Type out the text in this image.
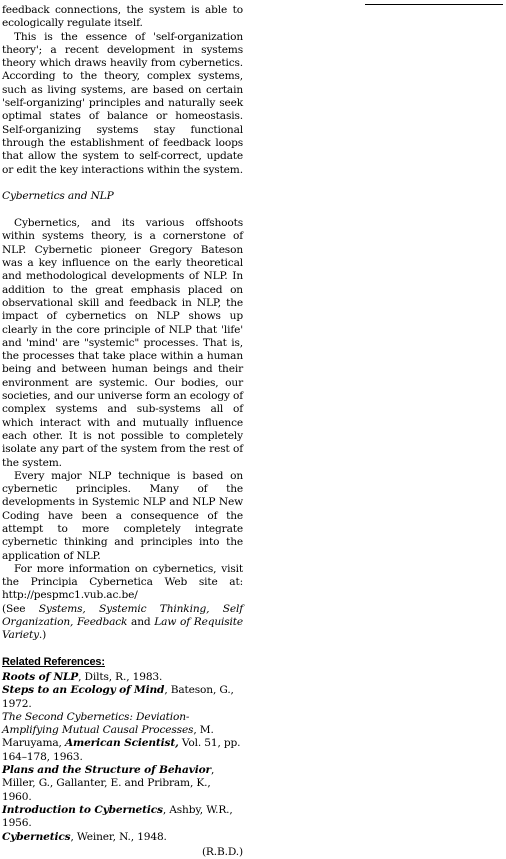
feedback connections, the system is able to ecologically regulate itself.

This is the essence of 'self-organization theory'; a recent development in systems theory which draws heavily from cybernetics. According to the theory, complex systems, such as living systems, are based on certain 'self-organizing' principles and naturally seek optimal states of balance or homeostasis. Self-organizing systems stay functional through the establishment of feedback loops that allow the system to self-correct, update or edit the key interactions within the system.

Cybernetics and NLP

Cybernetics, and its various offshoots within systems theory, is a cornerstone of NLP. Cybernetic pioneer Gregory Bateson was a key influence on the early theoretical and methodological developments of NLP. In addition to the great emphasis placed on observational skill and feedback in NLP, the impact of cybernetics on NLP shows up clearly in the core principle of NLP that 'life' and 'mind' are "systemic" processes. That is, the processes that take place within a human being and between human beings and their environment are systemic. Our bodies, our societies, and our universe form an ecology of complex systems and sub-systems all of which interact with and mutually influence each other. It is not possible to completely isolate any part of the system from the rest of the system.

Every major NLP technique is based on cybernetic principles. Many of the developments in Systemic NLP and NLP New Coding have been a consequence of the attempt to more completely integrate cybernetic thinking and principles into the application of NLP.

For more information on cybernetics, visit the Principia Cybernetica Web site at: http://pespmc1.vub.ac.be/

(See Systems, Systemic Thinking, Self Organization, Feedback and Law of Requisite Variety.)

Related References:

Roots of NLP, Dilts, R., 1983.

Steps to an Ecology of Mind, Bateson, G., 1972.

The Second Cybernetics: Deviation-Amplifying Mutual Causal Processes, M. Maruyama, American Scientist, Vol. 51, pp. 164–178, 1963.

Plans and the Structure of Behavior, Miller, G., Gallanter, E. and Pribram, K., 1960.

Introduction to Cybernetics, Ashby, W.R., 1956.

Cybernetics, Weiner, N., 1948.

(R.B.D.)
